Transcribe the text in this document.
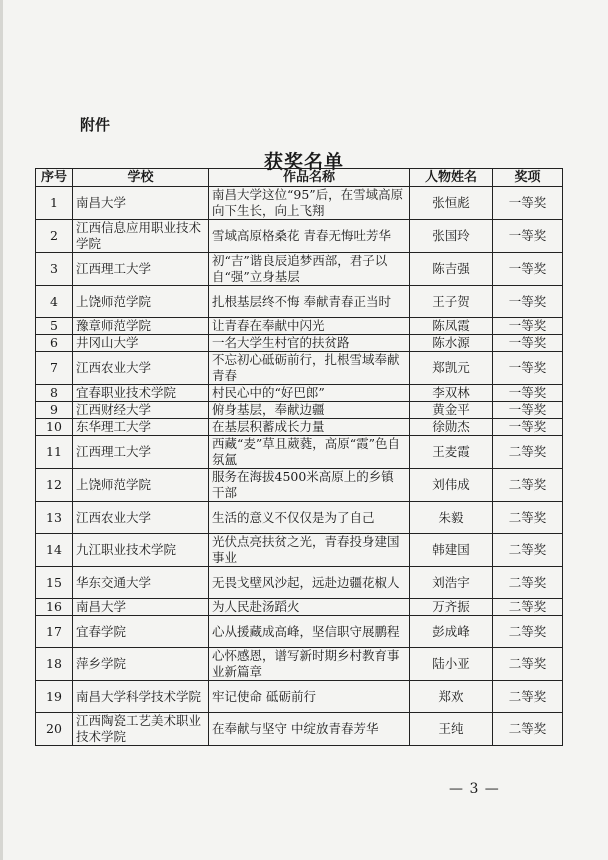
附件
获奖名单
序号	学校	作品名称	人物姓名	奖项
1	南昌大学	南昌大学这位“95”后，在雪域高原向下生长，向上飞翔	张恒彪	一等奖
2	江西信息应用职业技术学院	雪域高原格桑花 青春无悔吐芳华	张国玲	一等奖
3	江西理工大学	初“吉”谐良辰追梦西部，君子以自“强”立身基层	陈吉强	一等奖
4	上饶师范学院	扎根基层终不悔 奉献青春正当时	王子贺	一等奖
5	豫章师范学院	让青春在奉献中闪光	陈凤霞	一等奖
6	井冈山大学	一名大学生村官的扶贫路	陈水源	一等奖
7	江西农业大学	不忘初心砥砺前行，扎根雪域奉献青春	郑凯元	一等奖
8	宜春职业技术学院	村民心中的“好巴郎”	李双林	一等奖
9	江西财经大学	俯身基层，奉献边疆	黄金平	一等奖
10	东华理工大学	在基层积蓄成长力量	徐勋杰	一等奖
11	江西理工大学	西藏“麦”草且葳蕤，高原“霞”色自氛氲	王麦霞	二等奖
12	上饶师范学院	服务在海拔4500米高原上的乡镇干部	刘伟成	二等奖
13	江西农业大学	生活的意义不仅仅是为了自己	朱毅	二等奖
14	九江职业技术学院	光伏点亮扶贫之光，青春投身建国事业	韩建国	二等奖
15	华东交通大学	无畏戈壁风沙起，远赴边疆花椒人	刘浩宇	二等奖
16	南昌大学	为人民赴汤蹈火	万齐振	二等奖
17	宜春学院	心从援藏成高峰，坚信职守展鹏程	彭成峰	二等奖
18	萍乡学院	心怀感恩，谱写新时期乡村教育事业新篇章	陆小亚	二等奖
19	南昌大学科学技术学院	牢记使命 砥砺前行	郑欢	二等奖
20	江西陶瓷工艺美术职业技术学院	在奉献与坚守 中绽放青春芳华	王纯	二等奖
— 3 —
